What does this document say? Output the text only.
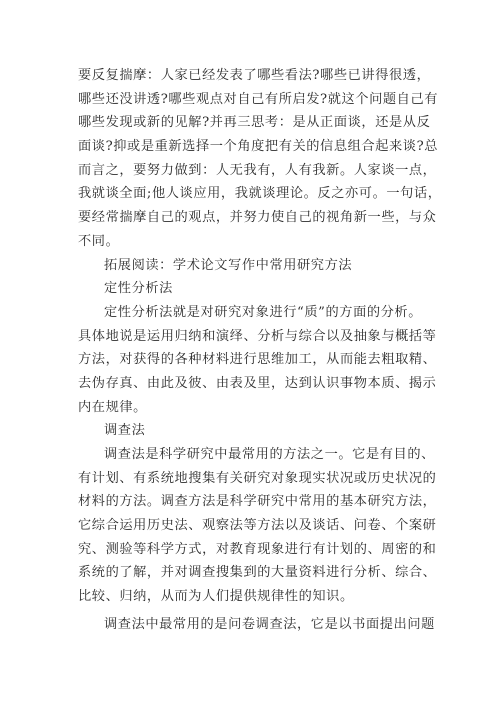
要反复揣摩：人家已经发表了哪些看法?哪些已讲得很透，
哪些还没讲透?哪些观点对自己有所启发?就这个问题自己有
哪些发现或新的见解?并再三思考：是从正面谈，还是从反
面谈?抑或是重新选择一个角度把有关的信息组合起来谈?总
而言之，要努力做到：人无我有，人有我新。人家谈一点，
我就谈全面;他人谈应用，我就谈理论。反之亦可。一句话，
要经常揣摩自己的观点，并努力使自己的视角新一些，与众
不同。
拓展阅读：学术论文写作中常用研究方法
定性分析法
定性分析法就是对研究对象进行“质”的方面的分析。
具体地说是运用归纳和演绎、分析与综合以及抽象与概括等
方法，对获得的各种材料进行思维加工，从而能去粗取精、
去伪存真、由此及彼、由表及里，达到认识事物本质、揭示
内在规律。
调查法
调查法是科学研究中最常用的方法之一。它是有目的、
有计划、有系统地搜集有关研究对象现实状况或历史状况的
材料的方法。调查方法是科学研究中常用的基本研究方法，
它综合运用历史法、观察法等方法以及谈话、问卷、个案研
究、测验等科学方式，对教育现象进行有计划的、周密的和
系统的了解，并对调查搜集到的大量资料进行分析、综合、
比较、归纳，从而为人们提供规律性的知识。
调查法中最常用的是问卷调查法，它是以书面提出问题
